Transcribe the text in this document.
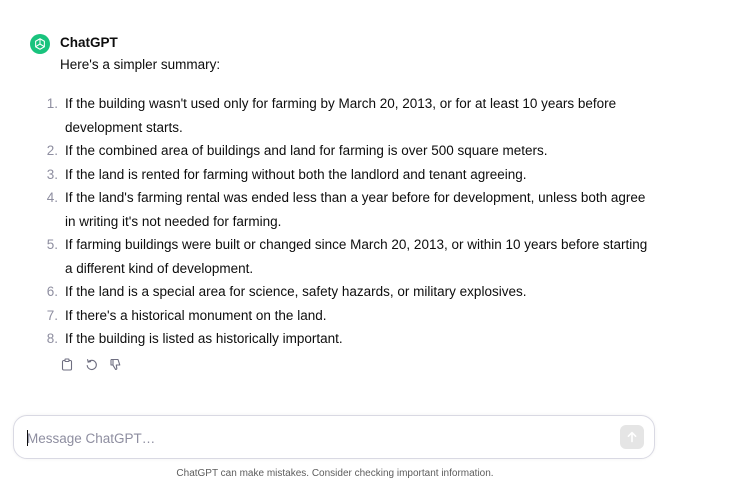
ChatGPT
Here's a simpler summary:
1. If the building wasn't used only for farming by March 20, 2013, or for at least 10 years before development starts.
2. If the combined area of buildings and land for farming is over 500 square meters.
3. If the land is rented for farming without both the landlord and tenant agreeing.
4. If the land's farming rental was ended less than a year before for development, unless both agree in writing it's not needed for farming.
5. If farming buildings were built or changed since March 20, 2013, or within 10 years before starting a different kind of development.
6. If the land is a special area for science, safety hazards, or military explosives.
7. If there's a historical monument on the land.
8. If the building is listed as historically important.
Message ChatGPT…
ChatGPT can make mistakes. Consider checking important information.
